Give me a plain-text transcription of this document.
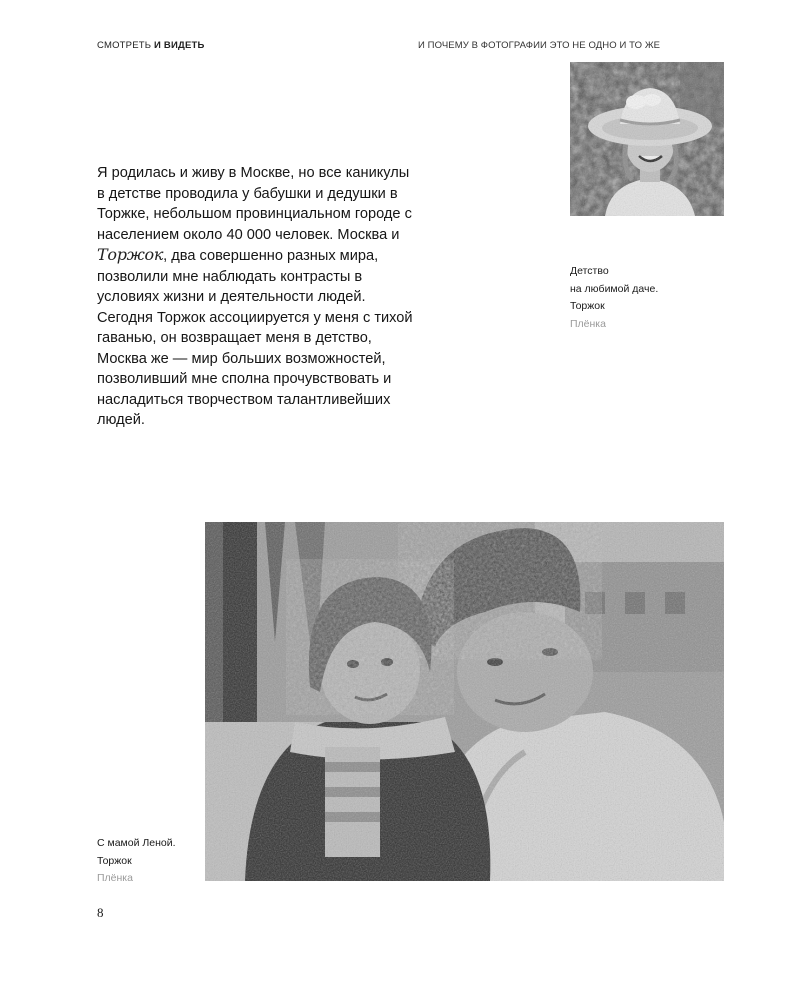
СМОТРЕТЬ И ВИДЕТЬ	И ПОЧЕМУ В ФОТОГРАФИИ ЭТО НЕ ОДНО И ТО ЖЕ
Детство
на любимой даче.
Торжок
Плёнка

Я родилась и живу в Москве, но все каникулы в детстве проводила у бабушки и дедушки в Торжке, небольшом провинциальном городе с населением около 40 000 человек. Москва и Торжок, два совершенно разных мира, позволили мне наблюдать контрасты в условиях жизни и деятельности людей. Сегодня Торжок ассоциируется у меня с тихой гаванью, он возвращает меня в детство, Москва же — мир больших возможностей, позволивший мне сполна прочувствовать и насладиться творчеством талантливейших людей.

С мамой Леной.
Торжок
Плёнка
8
